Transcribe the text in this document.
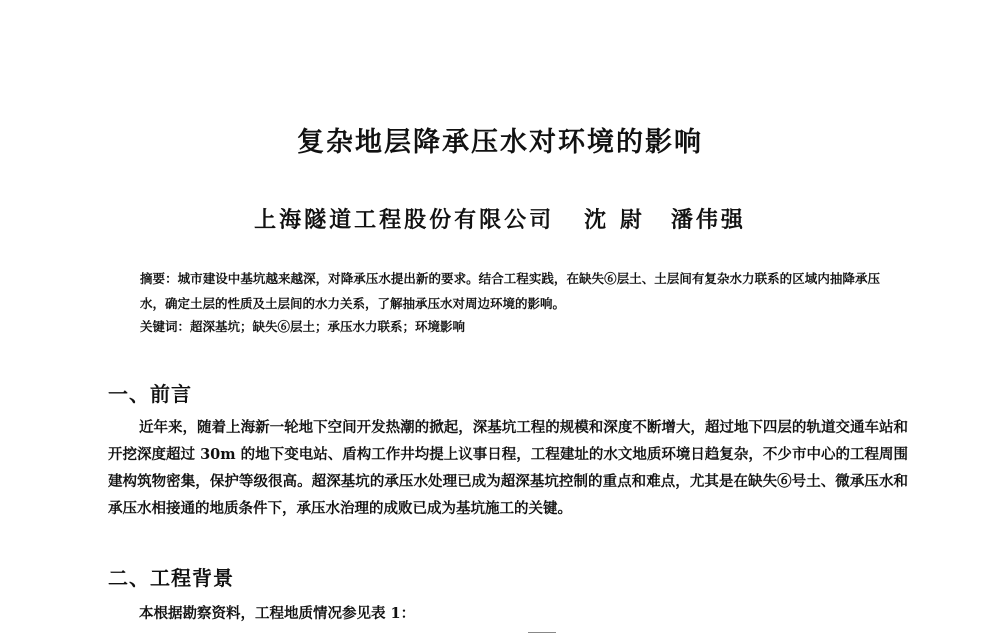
复杂地层降承压水对环境的影响
上海隧道工程股份有限公司 沈 尉 潘伟强
摘要：城市建设中基坑越来越深，对降承压水提出新的要求。结合工程实践，在缺失⑥层土、土层间有复杂水力联系的区域内抽降承压水，确定土层的性质及土层间的水力关系，了解抽承压水对周边环境的影响。
关键词：超深基坑；缺失⑥层土；承压水力联系；环境影响
一、前言
近年来，随着上海新一轮地下空间开发热潮的掀起，深基坑工程的规模和深度不断增大，超过地下四层的轨道交通车站和开挖深度超过 30m 的地下变电站、盾构工作井均提上议事日程，工程建址的水文地质环境日趋复杂，不少市中心的工程周围建构筑物密集，保护等级很高。超深基坑的承压水处理已成为超深基坑控制的重点和难点，尤其是在缺失⑥号土、微承压水和承压水相接通的地质条件下，承压水治理的成败已成为基坑施工的关键。
二、工程背景
本根据勘察资料，工程地质情况参见表 1：
